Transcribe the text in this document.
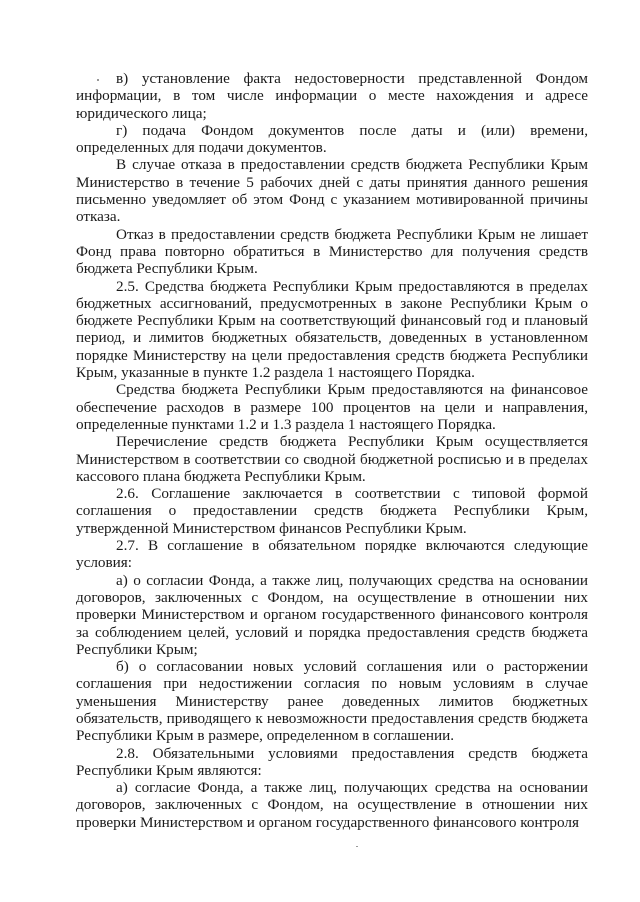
в) установление факта недостоверности представленной Фондом информации, в том числе информации о месте нахождения и адресе юридического лица;

г) подача Фондом документов после даты и (или) времени, определенных для подачи документов.

В случае отказа в предоставлении средств бюджета Республики Крым Министерство в течение 5 рабочих дней с даты принятия данного решения письменно уведомляет об этом Фонд с указанием мотивированной причины отказа.

Отказ в предоставлении средств бюджета Республики Крым не лишает Фонд права повторно обратиться в Министерство для получения средств бюджета Республики Крым.

2.5. Средства бюджета Республики Крым предоставляются в пределах бюджетных ассигнований, предусмотренных в законе Республики Крым о бюджете Республики Крым на соответствующий финансовый год и плановый период, и лимитов бюджетных обязательств, доведенных в установленном порядке Министерству на цели предоставления средств бюджета Республики Крым, указанные в пункте 1.2 раздела 1 настоящего Порядка.

Средства бюджета Республики Крым предоставляются на финансовое обеспечение расходов в размере 100 процентов на цели и направления, определенные пунктами 1.2 и 1.3 раздела 1 настоящего Порядка.

Перечисление средств бюджета Республики Крым осуществляется Министерством в соответствии со сводной бюджетной росписью и в пределах кассового плана бюджета Республики Крым.

2.6. Соглашение заключается в соответствии с типовой формой соглашения о предоставлении средств бюджета Республики Крым, утвержденной Министерством финансов Республики Крым.

2.7. В соглашение в обязательном порядке включаются следующие условия:

а) о согласии Фонда, а также лиц, получающих средства на основании договоров, заключенных с Фондом, на осуществление в отношении них проверки Министерством и органом государственного финансового контроля за соблюдением целей, условий и порядка предоставления средств бюджета Республики Крым;

б) о согласовании новых условий соглашения или о расторжении соглашения при недостижении согласия по новым условиям в случае уменьшения Министерству ранее доведенных лимитов бюджетных обязательств, приводящего к невозможности предоставления средств бюджета Республики Крым в размере, определенном в соглашении.

2.8. Обязательными условиями предоставления средств бюджета Республики Крым являются:

а) согласие Фонда, а также лиц, получающих средства на основании договоров, заключенных с Фондом, на осуществление в отношении них проверки Министерством и органом государственного финансового контроля
